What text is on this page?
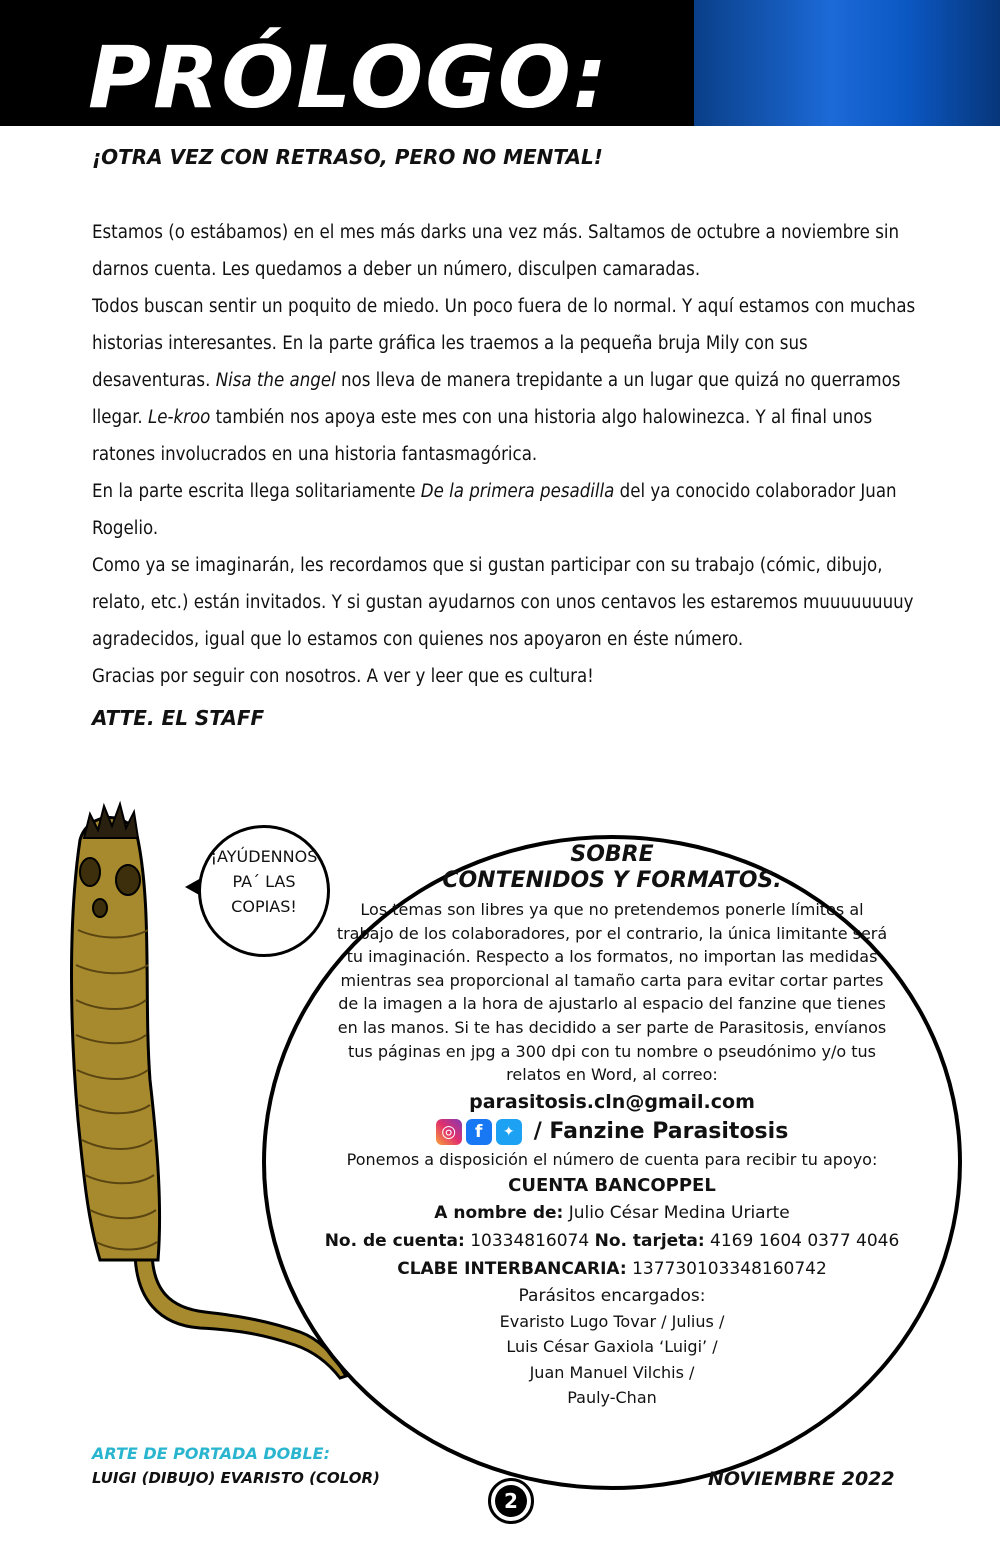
PRÓLOGO:
¡OTRA VEZ CON RETRASO, PERO NO MENTAL!

Estamos (o estábamos) en el mes más darks una vez más. Saltamos de octubre a noviembre sin darnos cuenta. Les quedamos a deber un número, disculpen camaradas.

Todos buscan sentir un poquito de miedo. Un poco fuera de lo normal. Y aquí estamos con muchas historias interesantes. En la parte gráfica les traemos a la pequeña bruja Mily con sus desaventuras. Nisa the angel nos lleva de manera trepidante a un lugar que quizá no querramos llegar. Le-kroo también nos apoya este mes con una historia algo halowinezca. Y al final unos ratones involucrados en una historia fantasmagórica.

En la parte escrita llega solitariamente De la primera pesadilla del ya conocido colaborador Juan Rogelio.

Como ya se imaginarán, les recordamos que si gustan participar con su trabajo (cómic, dibujo, relato, etc.) están invitados. Y si gustan ayudarnos con unos centavos les estaremos muuuuuuuuy agradecidos, igual que lo estamos con quienes nos apoyaron en éste número.

Gracias por seguir con nosotros. A ver y leer que es cultura!

ATTE. EL STAFF

¡AYÚDENNOS
PA´ LAS
COPIAS!
SOBRE
CONTENIDOS Y FORMATOS.

Los temas son libres ya que no pretendemos ponerle límites al trabajo de los colaboradores, por el contrario, la única limitante será tu imaginación. Respecto a los formatos, no importan las medidas mientras sea proporcional al tamaño carta para evitar cortar partes de la imagen a la hora de ajustarlo al espacio del fanzine que tienes en las manos. Si te has decidido a ser parte de Parasitosis, envíanos tus páginas en jpg a 300 dpi con tu nombre o pseudónimo y/o tus relatos en Word, al correo:

parasitosis.cln@gmail.com

◎	f	✦ / Fanzine Parasitosis

Ponemos a disposición el número de cuenta para recibir tu apoyo:

CUENTA BANCOPPEL

A nombre de: Julio César Medina Uriarte

No. de cuenta: 10334816074 No. tarjeta: 4169 1604 0377 4046

CLABE INTERBANCARIA: 137730103348160742

Parásitos encargados:

Evaristo Lugo Tovar / Julius /

Luis César Gaxiola ‘Luigi’ /

Juan Manuel Vilchis /

Pauly-Chan

ARTE DE PORTADA DOBLE:

LUIGI (DIBUJO) EVARISTO (COLOR)

2

NOVIEMBRE 2022
